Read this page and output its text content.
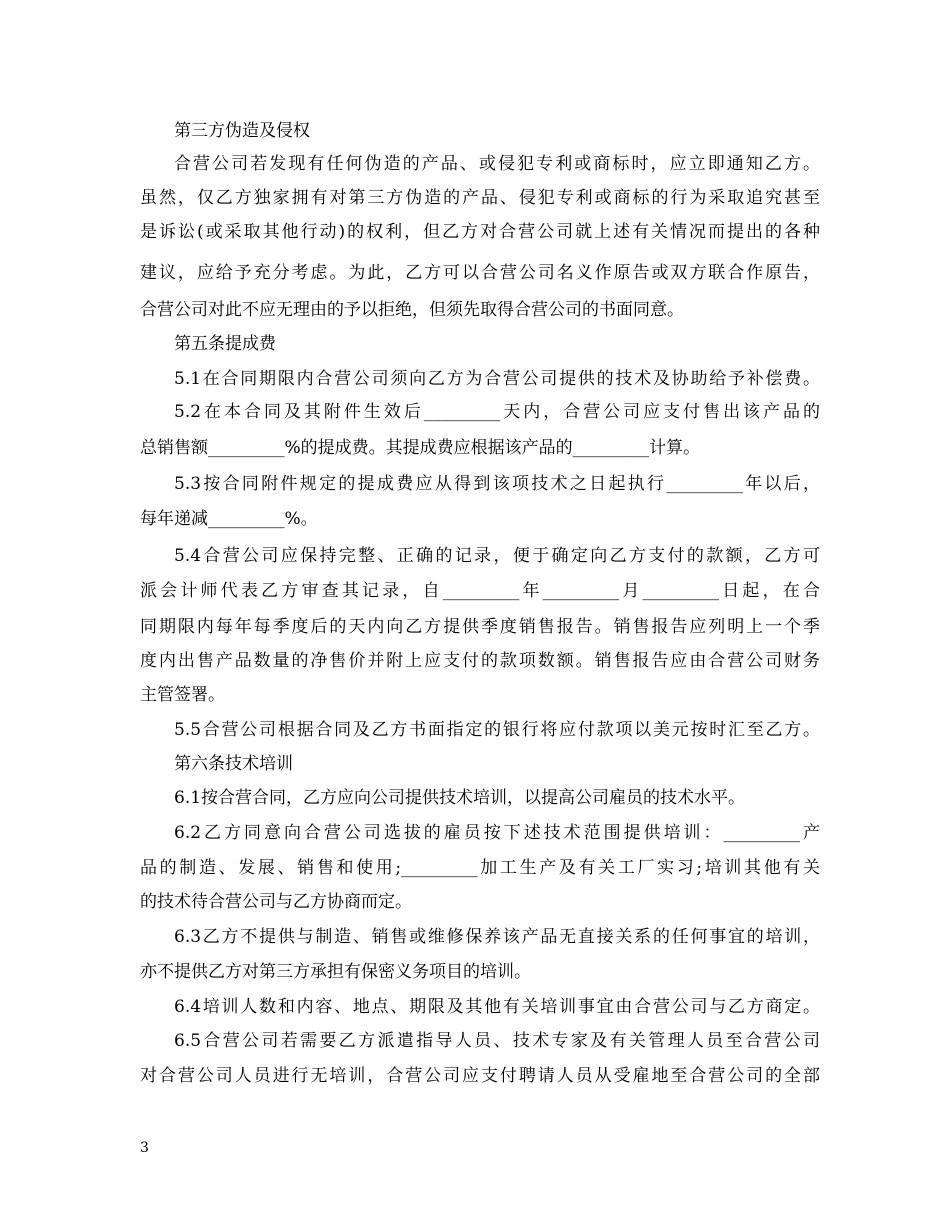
第三方伪造及侵权
合营公司若发现有任何伪造的产品、或侵犯专利或商标时，应立即通知乙方。
虽然，仅乙方独家拥有对第三方伪造的产品、侵犯专利或商标的行为采取追究甚至
是诉讼(或采取其他行动)的权利，但乙方对合营公司就上述有关情况而提出的各种
建议，应给予充分考虑。为此，乙方可以合营公司名义作原告或双方联合作原告，
合营公司对此不应无理由的予以拒绝，但须先取得合营公司的书面同意。
第五条提成费
5.1在合同期限内合营公司须向乙方为合营公司提供的技术及协助给予补偿费。
5.2在本合同及其附件生效后_________天内，合营公司应支付售出该产品的
总销售额_________%的提成费。其提成费应根据该产品的_________计算。
5.3按合同附件规定的提成费应从得到该项技术之日起执行_________年以后，
每年递减_________%。
5.4合营公司应保持完整、正确的记录，便于确定向乙方支付的款额，乙方可
派会计师代表乙方审查其记录，自_________年_________月_________日起，在合
同期限内每年每季度后的天内向乙方提供季度销售报告。销售报告应列明上一个季
度内出售产品数量的净售价并附上应支付的款项数额。销售报告应由合营公司财务
主管签署。
5.5合营公司根据合同及乙方书面指定的银行将应付款项以美元按时汇至乙方。
第六条技术培训
6.1按合营合同，乙方应向公司提供技术培训，以提高公司雇员的技术水平。
6.2乙方同意向合营公司选拔的雇员按下述技术范围提供培训：_________产
品的制造、发展、销售和使用;_________加工生产及有关工厂实习;培训其他有关
的技术待合营公司与乙方协商而定。
6.3乙方不提供与制造、销售或维修保养该产品无直接关系的任何事宜的培训，
亦不提供乙方对第三方承担有保密义务项目的培训。
6.4培训人数和内容、地点、期限及其他有关培训事宜由合营公司与乙方商定。
6.5合营公司若需要乙方派遣指导人员、技术专家及有关管理人员至合营公司
对合营公司人员进行无培训，合营公司应支付聘请人员从受雇地至合营公司的全部
3
